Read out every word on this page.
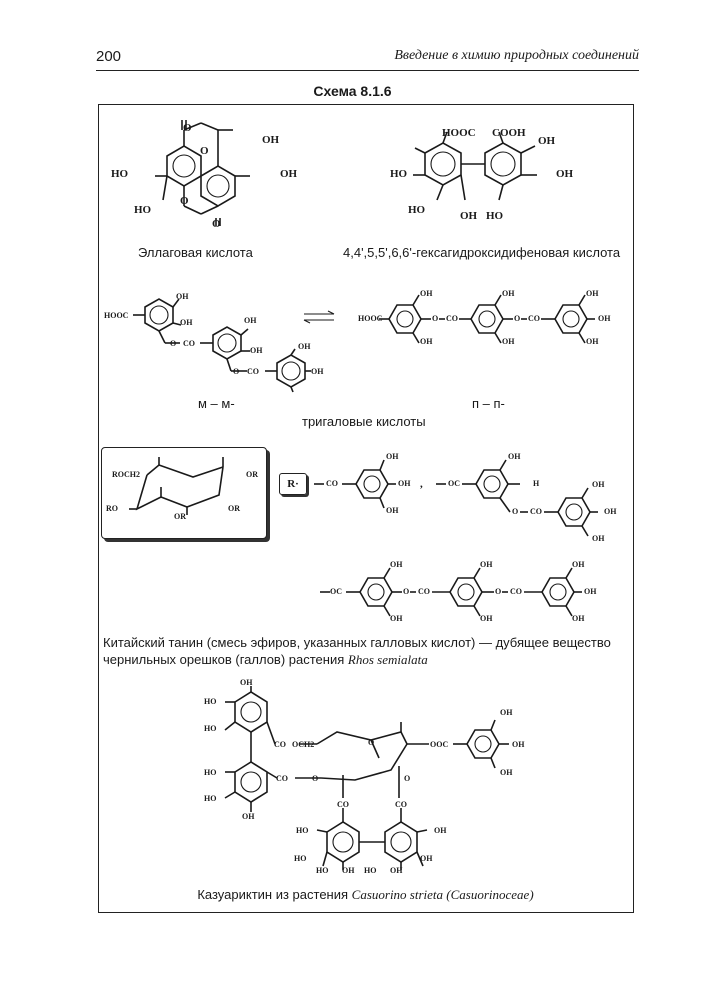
200	Введение в химию природных соединений
Схема 8.1.6
O
O
OH
OH
HO
HO
O
O
Эллаговая кислота
HOOC COOH
OH
OH
HO
HO	OH HO
4,4',5,5',6,6'-гексагидроксидифеновая кислота
HOOC
OH
OH	OH
O CO
OH	OH
OH
O CO
⇌	HOOC
OH
OH
O CO
OH
OH
O CO
OH
OH
OH
м – м-	п – п-
тригаловые кислоты
ROCH2	OR
RO	OR
OR
R·	CO
OH
OH
OH
,	OC
OH
H
O CO
OH
OH
OH
OC
OH
OH
O CO
OH
OH
O CO
OH
OH
OH
Китайский танин (смесь эфиров, указанных галловых кислот) — дубящее вещество чернильных орешков (галлов) растения Rhos semialata
OH
HO
HO
CO OCH2	O	OOC
OH
OH
OH
HO
HO
OH
CO	O	O
CO	CO
HO	OH
HO	OH
HO	OH
OH HO
Казуариктин из растения Casuorino strieta (Casuorinoceae)
